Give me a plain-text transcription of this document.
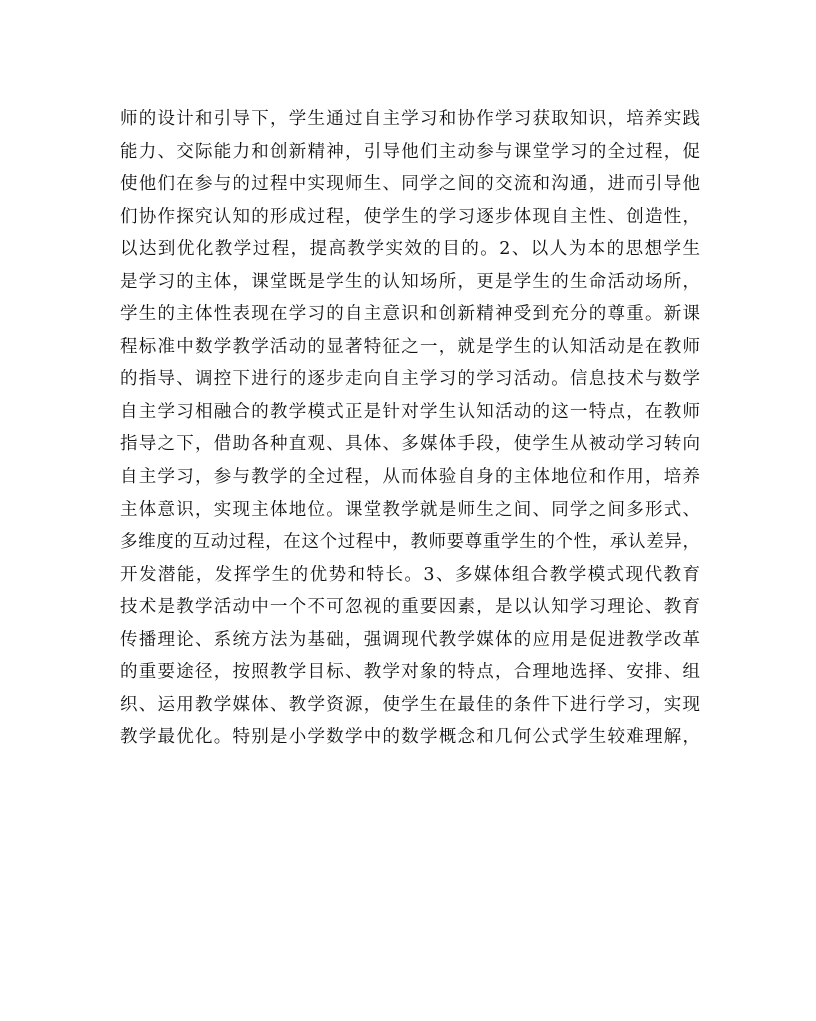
师的设计和引导下，学生通过自主学习和协作学习获取知识，培养实践
能力、交际能力和创新精神，引导他们主动参与课堂学习的全过程，促
使他们在参与的过程中实现师生、同学之间的交流和沟通，进而引导他
们协作探究认知的形成过程，使学生的学习逐步体现自主性、创造性，
以达到优化教学过程，提高教学实效的目的。2、以人为本的思想学生
是学习的主体，课堂既是学生的认知场所，更是学生的生命活动场所，
学生的主体性表现在学习的自主意识和创新精神受到充分的尊重。新课
程标准中数学教学活动的显著特征之一，就是学生的认知活动是在教师
的指导、调控下进行的逐步走向自主学习的学习活动。信息技术与数学
自主学习相融合的教学模式正是针对学生认知活动的这一特点，在教师
指导之下，借助各种直观、具体、多媒体手段，使学生从被动学习转向
自主学习，参与教学的全过程，从而体验自身的主体地位和作用，培养
主体意识，实现主体地位。课堂教学就是师生之间、同学之间多形式、
多维度的互动过程，在这个过程中，教师要尊重学生的个性，承认差异，
开发潜能，发挥学生的优势和特长。3、多媒体组合教学模式现代教育
技术是教学活动中一个不可忽视的重要因素，是以认知学习理论、教育
传播理论、系统方法为基础，强调现代教学媒体的应用是促进教学改革
的重要途径，按照教学目标、教学对象的特点，合理地选择、安排、组
织、运用教学媒体、教学资源，使学生在最佳的条件下进行学习，实现
教学最优化。特别是小学数学中的数学概念和几何公式学生较难理解，
